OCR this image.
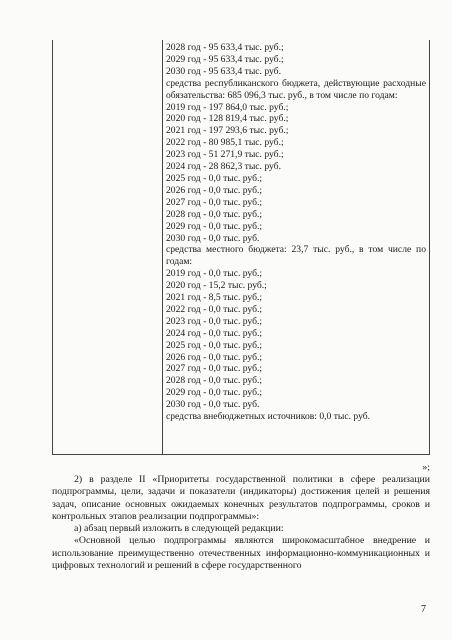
2028 год - 95 633,4 тыс. руб.;
2029 год - 95 633,4 тыс. руб.;
2030 год - 95 633,4 тыс. руб.
средства республиканского бюджета, действующие расходные обязательства: 685 096,3 тыс. руб., в том числе по годам:
2019 год - 197 864,0 тыс. руб.;
2020 год - 128 819,4 тыс. руб.;
2021 год - 197 293,6 тыс. руб.;
2022 год - 80 985,1 тыс. руб.;
2023 год - 51 271,9 тыс. руб.;
2024 год - 28 862,3 тыс. руб.
2025 год - 0,0 тыс. руб.;
2026 год - 0,0 тыс. руб.;
2027 год - 0,0 тыс. руб.;
2028 год - 0,0 тыс. руб.;
2029 год - 0,0 тыс. руб.;
2030 год - 0,0 тыс. руб.
средства местного бюджета: 23,7 тыс. руб., в том числе по годам:
2019 год - 0,0 тыс. руб.;
2020 год - 15,2 тыс. руб.;
2021 год - 8,5 тыс. руб.;
2022 год - 0,0 тыс. руб.;
2023 год - 0,0 тыс. руб.;
2024 год - 0,0 тыс. руб.;
2025 год - 0,0 тыс. руб.;
2026 год - 0,0 тыс. руб.;
2027 год - 0,0 тыс. руб.;
2028 год - 0,0 тыс. руб.;
2029 год - 0,0 тыс. руб.;
2030 год - 0,0 тыс. руб.
средства внебюджетных источников: 0,0 тыс. руб.
»;

2) в разделе II «Приоритеты государственной политики в сфере реализации подпрограммы, цели, задачи и показатели (индикаторы) достижения целей и решения задач, описание основных ожидаемых конечных результатов подпрограммы, сроков и контрольных этапов реализации подпрограммы»:

а) абзац первый изложить в следующей редакции:

«Основной целью подпрограммы являются широкомасштабное внедрение и использование преимущественно отечественных информационно-коммуникационных и цифровых технологий и решений в сфере государственного

7
